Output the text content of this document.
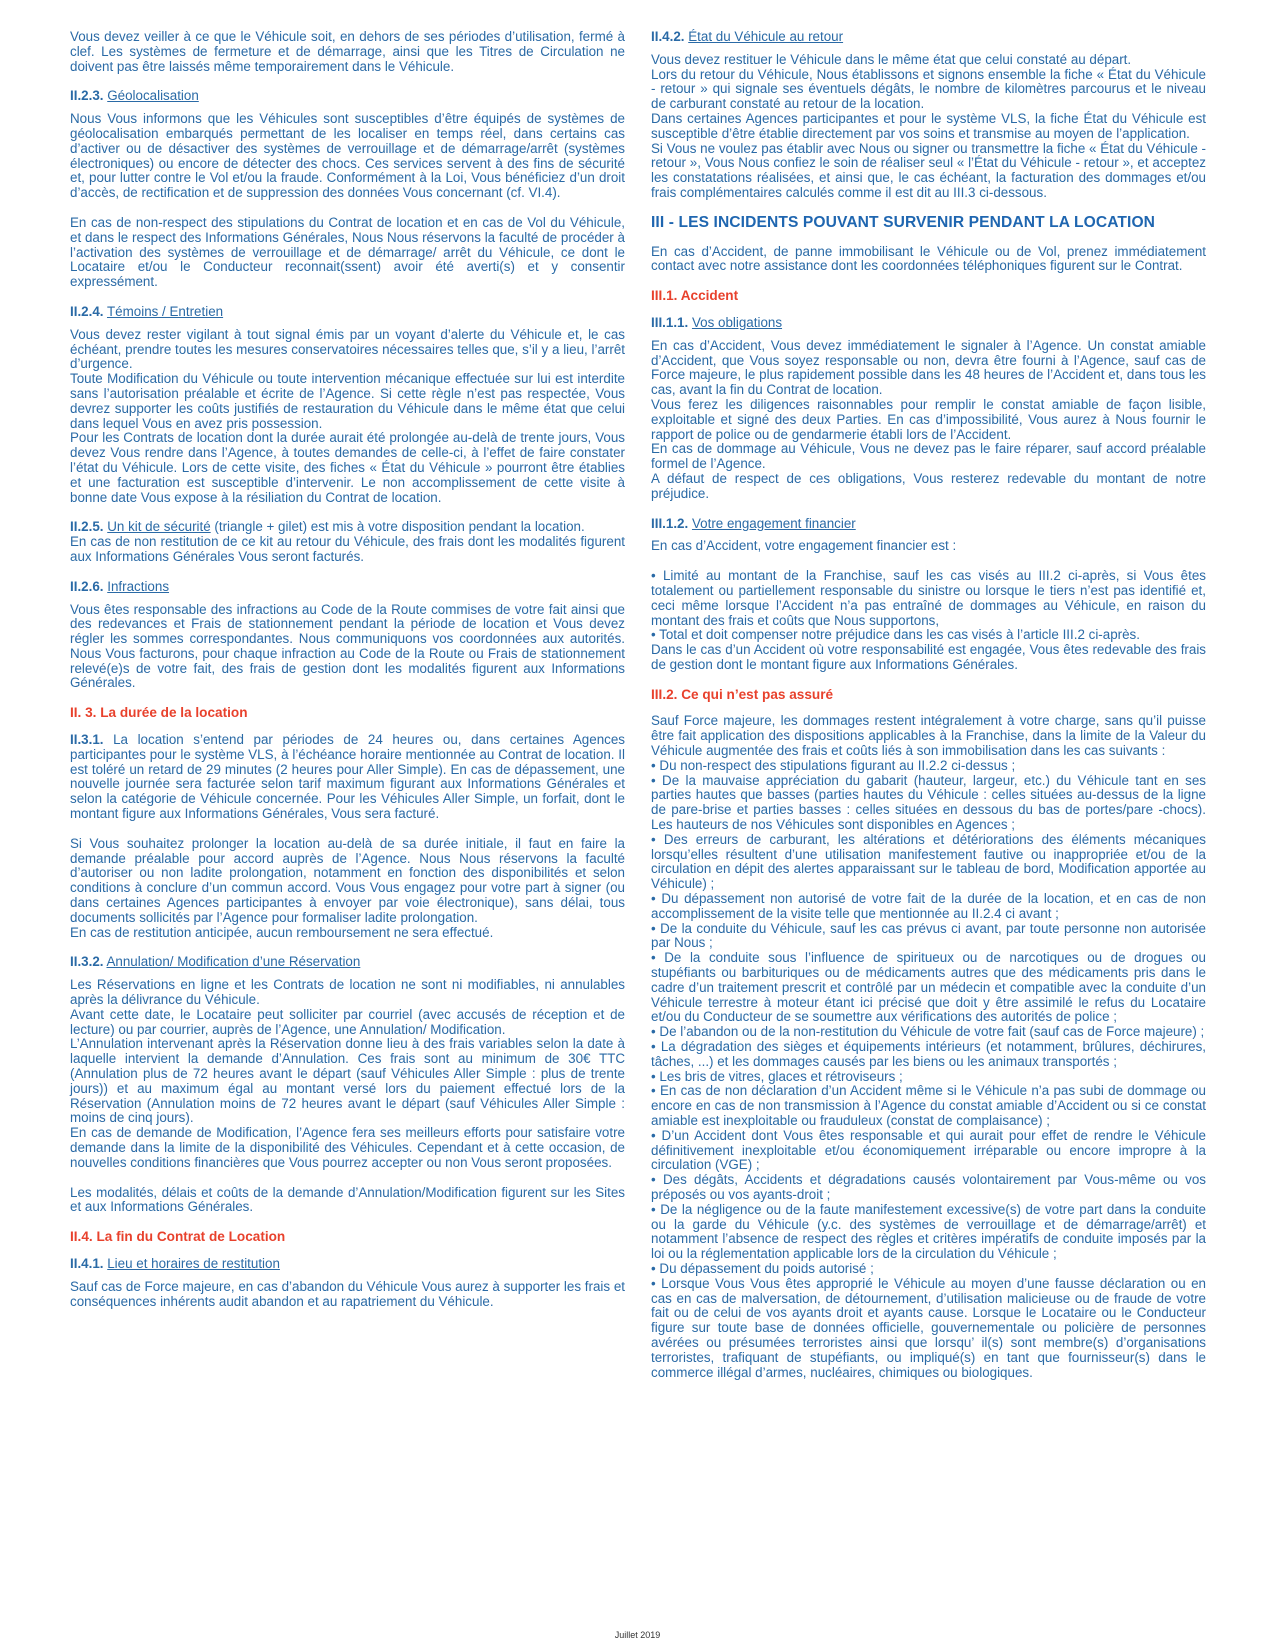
Vous devez veiller à ce que le Véhicule soit, en dehors de ses périodes d’utilisation, fermé à clef. Les systèmes de fermeture et de démarrage, ainsi que les Titres de Circulation ne doivent pas être laissés même temporairement dans le Véhicule.

II.2.3. Géolocalisation

Nous Vous informons que les Véhicules sont susceptibles d’être équipés de systèmes de géolocalisation embarqués permettant de les localiser en temps réel, dans certains cas d’activer ou de désactiver des systèmes de verrouillage et de démarrage/arrêt (systèmes électroniques) ou encore de détecter des chocs. Ces services servent à des fins de sécurité et, pour lutter contre le Vol et/ou la fraude. Conformément à la Loi, Vous bénéficiez d’un droit d’accès, de rectification et de suppression des données Vous concernant (cf. VI.4).

En cas de non-respect des stipulations du Contrat de location et en cas de Vol du Véhicule, et dans le respect des Informations Générales, Nous Nous réservons la faculté de procéder à l’activation des systèmes de verrouillage et de démarrage/ arrêt du Véhicule, ce dont le Locataire et/ou le Conducteur reconnait(ssent) avoir été averti(s) et y consentir expressément.

II.2.4. Témoins / Entretien

Vous devez rester vigilant à tout signal émis par un voyant d’alerte du Véhicule et, le cas échéant, prendre toutes les mesures conservatoires nécessaires telles que, s’il y a lieu, l’arrêt d’urgence.
Toute Modification du Véhicule ou toute intervention mécanique effectuée sur lui est interdite sans l’autorisation préalable et écrite de l’Agence. Si cette règle n’est pas respectée, Vous devrez supporter les coûts justifiés de restauration du Véhicule dans le même état que celui dans lequel Vous en avez pris possession.
Pour les Contrats de location dont la durée aurait été prolongée au-delà de trente jours, Vous devez Vous rendre dans l’Agence, à toutes demandes de celle-ci, à l’effet de faire constater l’état du Véhicule. Lors de cette visite, des fiches « État du Véhicule » pourront être établies et une facturation est susceptible d’intervenir. Le non accomplissement de cette visite à bonne date Vous expose à la résiliation du Contrat de location.

II.2.5. Un kit de sécurité (triangle + gilet) est mis à votre disposition pendant la location.

En cas de non restitution de ce kit au retour du Véhicule, des frais dont les modalités figurent aux Informations Générales Vous seront facturés.

II.2.6. Infractions

Vous êtes responsable des infractions au Code de la Route commises de votre fait ainsi que des redevances et Frais de stationnement pendant la période de location et Vous devez régler les sommes correspondantes. Nous communiquons vos coordonnées aux autorités. Nous Vous facturons, pour chaque infraction au Code de la Route ou Frais de stationnement relevé(e)s de votre fait, des frais de gestion dont les modalités figurent aux Informations Générales.

II. 3. La durée de la location

II.3.1. La location s’entend par périodes de 24 heures ou, dans certaines Agences participantes pour le système VLS, à l’échéance horaire mentionnée au Contrat de location. Il est toléré un retard de 29 minutes (2 heures pour Aller Simple). En cas de dépassement, une nouvelle journée sera facturée selon tarif maximum figurant aux Informations Générales et selon la catégorie de Véhicule concernée. Pour les Véhicules Aller Simple, un forfait, dont le montant figure aux Informations Générales, Vous sera facturé.

Si Vous souhaitez prolonger la location au-delà de sa durée initiale, il faut en faire la demande préalable pour accord auprès de l’Agence. Nous Nous réservons la faculté d’autoriser ou non ladite prolongation, notamment en fonction des disponibilités et selon conditions à conclure d’un commun accord. Vous Vous engagez pour votre part à signer (ou dans certaines Agences participantes à envoyer par voie électronique), sans délai, tous documents sollicités par l’Agence pour formaliser ladite prolongation.
En cas de restitution anticipée, aucun remboursement ne sera effectué.

II.3.2. Annulation/ Modification d’une Réservation

Les Réservations en ligne et les Contrats de location ne sont ni modifiables, ni annulables après la délivrance du Véhicule.
Avant cette date, le Locataire peut solliciter par courriel (avec accusés de réception et de lecture) ou par courrier, auprès de l’Agence, une Annulation/ Modification.
L’Annulation intervenant après la Réservation donne lieu à des frais variables selon la date à laquelle intervient la demande d’Annulation. Ces frais sont au minimum de 30€ TTC (Annulation plus de 72 heures avant le départ (sauf Véhicules Aller Simple : plus de trente jours)) et au maximum égal au montant versé lors du paiement effectué lors de la Réservation (Annulation moins de 72 heures avant le départ (sauf Véhicules Aller Simple : moins de cinq jours).
En cas de demande de Modification, l’Agence fera ses meilleurs efforts pour satisfaire votre demande dans la limite de la disponibilité des Véhicules. Cependant et à cette occasion, de nouvelles conditions financières que Vous pourrez accepter ou non Vous seront proposées.

Les modalités, délais et coûts de la demande d’Annulation/Modification figurent sur les Sites et aux Informations Générales.

II.4. La fin du Contrat de Location
II.4.1. Lieu et horaires de restitution

Sauf cas de Force majeure, en cas d’abandon du Véhicule Vous aurez à supporter les frais et conséquences inhérents audit abandon et au rapatriement du Véhicule.

II.4.2. État du Véhicule au retour

Vous devez restituer le Véhicule dans le même état que celui constaté au départ.
Lors du retour du Véhicule, Nous établissons et signons ensemble la fiche « État du Véhicule - retour » qui signale ses éventuels dégâts, le nombre de kilomètres parcourus et le niveau de carburant constaté au retour de la location.
Dans certaines Agences participantes et pour le système VLS, la fiche État du Véhicule est susceptible d’être établie directement par vos soins et transmise au moyen de l’application.
Si Vous ne voulez pas établir avec Nous ou signer ou transmettre la fiche « État du Véhicule - retour », Vous Nous confiez le soin de réaliser seul « l’État du Véhicule - retour », et acceptez les constatations réalisées, et ainsi que, le cas échéant, la facturation des dommages et/ou frais complémentaires calculés comme il est dit au III.3 ci-dessous.

III - LES INCIDENTS POUVANT SURVENIR PENDANT LA LOCATION

En cas d’Accident, de panne immobilisant le Véhicule ou de Vol, prenez immédiatement contact avec notre assistance dont les coordonnées téléphoniques figurent sur le Contrat.

III.1. Accident
III.1.1. Vos obligations

En cas d’Accident, Vous devez immédiatement le signaler à l’Agence. Un constat amiable d’Accident, que Vous soyez responsable ou non, devra être fourni à l’Agence, sauf cas de Force majeure, le plus rapidement possible dans les 48 heures de l’Accident et, dans tous les cas, avant la fin du Contrat de location.
Vous ferez les diligences raisonnables pour remplir le constat amiable de façon lisible, exploitable et signé des deux Parties. En cas d’impossibilité, Vous aurez à Nous fournir le rapport de police ou de gendarmerie établi lors de l’Accident.
En cas de dommage au Véhicule, Vous ne devez pas le faire réparer, sauf accord préalable formel de l’Agence.
A défaut de respect de ces obligations, Vous resterez redevable du montant de notre préjudice.

III.1.2. Votre engagement financier

En cas d’Accident, votre engagement financier est :

• Limité au montant de la Franchise, sauf les cas visés au III.2 ci-après, si Vous êtes totalement ou partiellement responsable du sinistre ou lorsque le tiers n’est pas identifié et, ceci même lorsque l’Accident n’a pas entraîné de dommages au Véhicule, en raison du montant des frais et coûts que Nous supportons,
• Total et doit compenser notre préjudice dans les cas visés à l’article III.2 ci-après.
Dans le cas d’un Accident où votre responsabilité est engagée, Vous êtes redevable des frais de gestion dont le montant figure aux Informations Générales.

III.2. Ce qui n’est pas assuré

Sauf Force majeure, les dommages restent intégralement à votre charge, sans qu’il puisse être fait application des dispositions applicables à la Franchise, dans la limite de la Valeur du Véhicule augmentée des frais et coûts liés à son immobilisation dans les cas suivants :
• Du non-respect des stipulations figurant au II.2.2 ci-dessus ;
• De la mauvaise appréciation du gabarit (hauteur, largeur, etc.) du Véhicule tant en ses parties hautes que basses (parties hautes du Véhicule : celles situées au-dessus de la ligne de pare-brise et parties basses : celles situées en dessous du bas de portes/pare -chocs). Les hauteurs de nos Véhicules sont disponibles en Agences ;
• Des erreurs de carburant, les altérations et détériorations des éléments mécaniques lorsqu’elles résultent d’une utilisation manifestement fautive ou inappropriée et/ou de la circulation en dépit des alertes apparaissant sur le tableau de bord, Modification apportée au Véhicule) ;
• Du dépassement non autorisé de votre fait de la durée de la location, et en cas de non accomplissement de la visite telle que mentionnée au II.2.4 ci avant ;
• De la conduite du Véhicule, sauf les cas prévus ci avant, par toute personne non autorisée par Nous ;
• De la conduite sous l’influence de spiritueux ou de narcotiques ou de drogues ou stupéfiants ou barbituriques ou de médicaments autres que des médicaments pris dans le cadre d’un traitement prescrit et contrôlé par un médecin et compatible avec la conduite d’un Véhicule terrestre à moteur étant ici précisé que doit y être assimilé le refus du Locataire et/ou du Conducteur de se soumettre aux vérifications des autorités de police ;
• De l’abandon ou de la non-restitution du Véhicule de votre fait (sauf cas de Force majeure) ;
• La dégradation des sièges et équipements intérieurs (et notamment, brûlures, déchirures, tâches, ...) et les dommages causés par les biens ou les animaux transportés ;
• Les bris de vitres, glaces et rétroviseurs ;
• En cas de non déclaration d’un Accident même si le Véhicule n’a pas subi de dommage ou encore en cas de non transmission à l’Agence du constat amiable d’Accident ou si ce constat amiable est inexploitable ou frauduleux (constat de complaisance) ;
• D’un Accident dont Vous êtes responsable et qui aurait pour effet de rendre le Véhicule définitivement inexploitable et/ou économiquement irréparable ou encore impropre à la circulation (VGE) ;
• Des dégâts, Accidents et dégradations causés volontairement par Vous-même ou vos préposés ou vos ayants-droit ;
• De la négligence ou de la faute manifestement excessive(s) de votre part dans la conduite ou la garde du Véhicule (y.c. des systèmes de verrouillage et de démarrage/arrêt) et notamment l’absence de respect des règles et critères impératifs de conduite imposés par la loi ou la réglementation applicable lors de la circulation du Véhicule ;
• Du dépassement du poids autorisé ;
• Lorsque Vous Vous êtes approprié le Véhicule au moyen d’une fausse déclaration ou en cas en cas de malversation, de détournement, d’utilisation malicieuse ou de fraude de votre fait ou de celui de vos ayants droit et ayants cause. Lorsque le Locataire ou le Conducteur figure sur toute base de données officielle, gouvernementale ou policière de personnes avérées ou présumées terroristes ainsi que lorsqu’ il(s) sont membre(s) d’organisations terroristes, trafiquant de stupéfiants, ou impliqué(s) en tant que fournisseur(s) dans le commerce illégal d’armes, nucléaires, chimiques ou biologiques.

Juillet 2019
